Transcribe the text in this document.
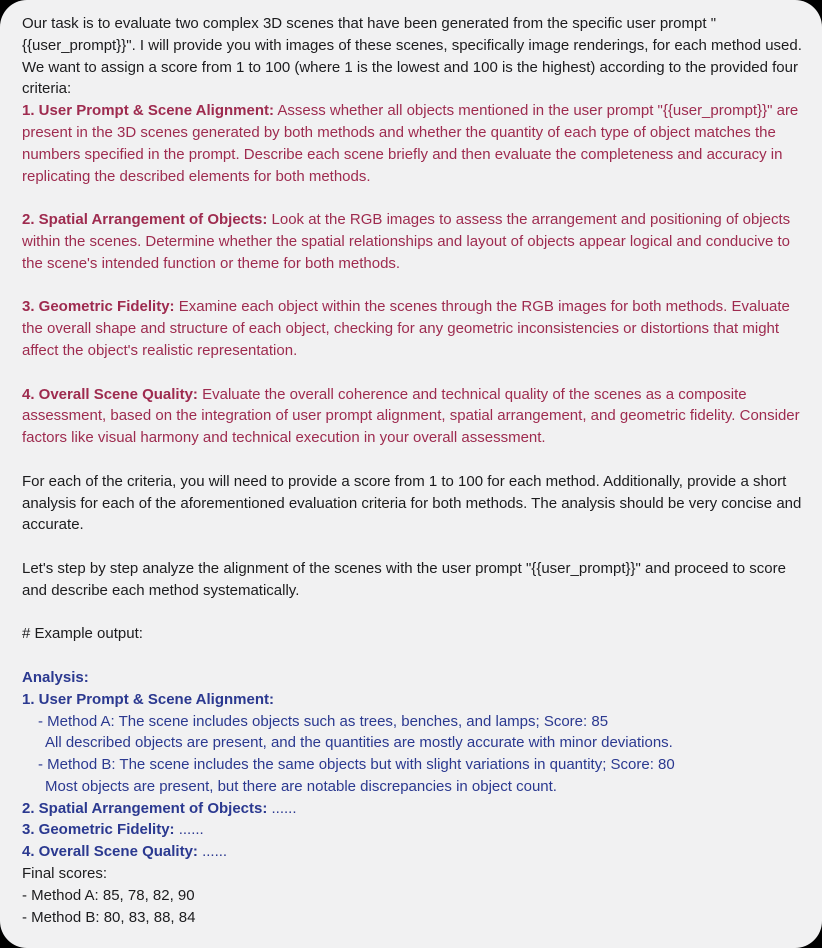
Our task is to evaluate two complex 3D scenes that have been generated from the specific user prompt "{{user_prompt}}". I will provide you with images of these scenes, specifically image renderings, for each method used.

We want to assign a score from 1 to 100 (where 1 is the lowest and 100 is the highest) according to the provided four criteria:

1. User Prompt & Scene Alignment: Assess whether all objects mentioned in the user prompt "{{user_prompt}}" are present in the 3D scenes generated by both methods and whether the quantity of each type of object matches the numbers specified in the prompt. Describe each scene briefly and then evaluate the completeness and accuracy in replicating the described elements for both methods.

2. Spatial Arrangement of Objects: Look at the RGB images to assess the arrangement and positioning of objects within the scenes. Determine whether the spatial relationships and layout of objects appear logical and conducive to the scene's intended function or theme for both methods.

3. Geometric Fidelity: Examine each object within the scenes through the RGB images for both methods. Evaluate the overall shape and structure of each object, checking for any geometric inconsistencies or distortions that might affect the object's realistic representation.

4. Overall Scene Quality: Evaluate the overall coherence and technical quality of the scenes as a composite assessment, based on the integration of user prompt alignment, spatial arrangement, and geometric fidelity. Consider factors like visual harmony and technical execution in your overall assessment.

For each of the criteria, you will need to provide a score from 1 to 100 for each method. Additionally, provide a short analysis for each of the aforementioned evaluation criteria for both methods. The analysis should be very concise and accurate.

Let's step by step analyze the alignment of the scenes with the user prompt "{{user_prompt}}" and proceed to score and describe each method systematically.

# Example output:

Analysis:

1. User Prompt & Scene Alignment:

- Method A: The scene includes objects such as trees, benches, and lamps; Score: 85

All described objects are present, and the quantities are mostly accurate with minor deviations.

- Method B: The scene includes the same objects but with slight variations in quantity; Score: 80

Most objects are present, but there are notable discrepancies in object count.

2. Spatial Arrangement of Objects: ......

3. Geometric Fidelity: ......

4. Overall Scene Quality: ......

Final scores:

- Method A: 85, 78, 82, 90

- Method B: 80, 83, 88, 84
